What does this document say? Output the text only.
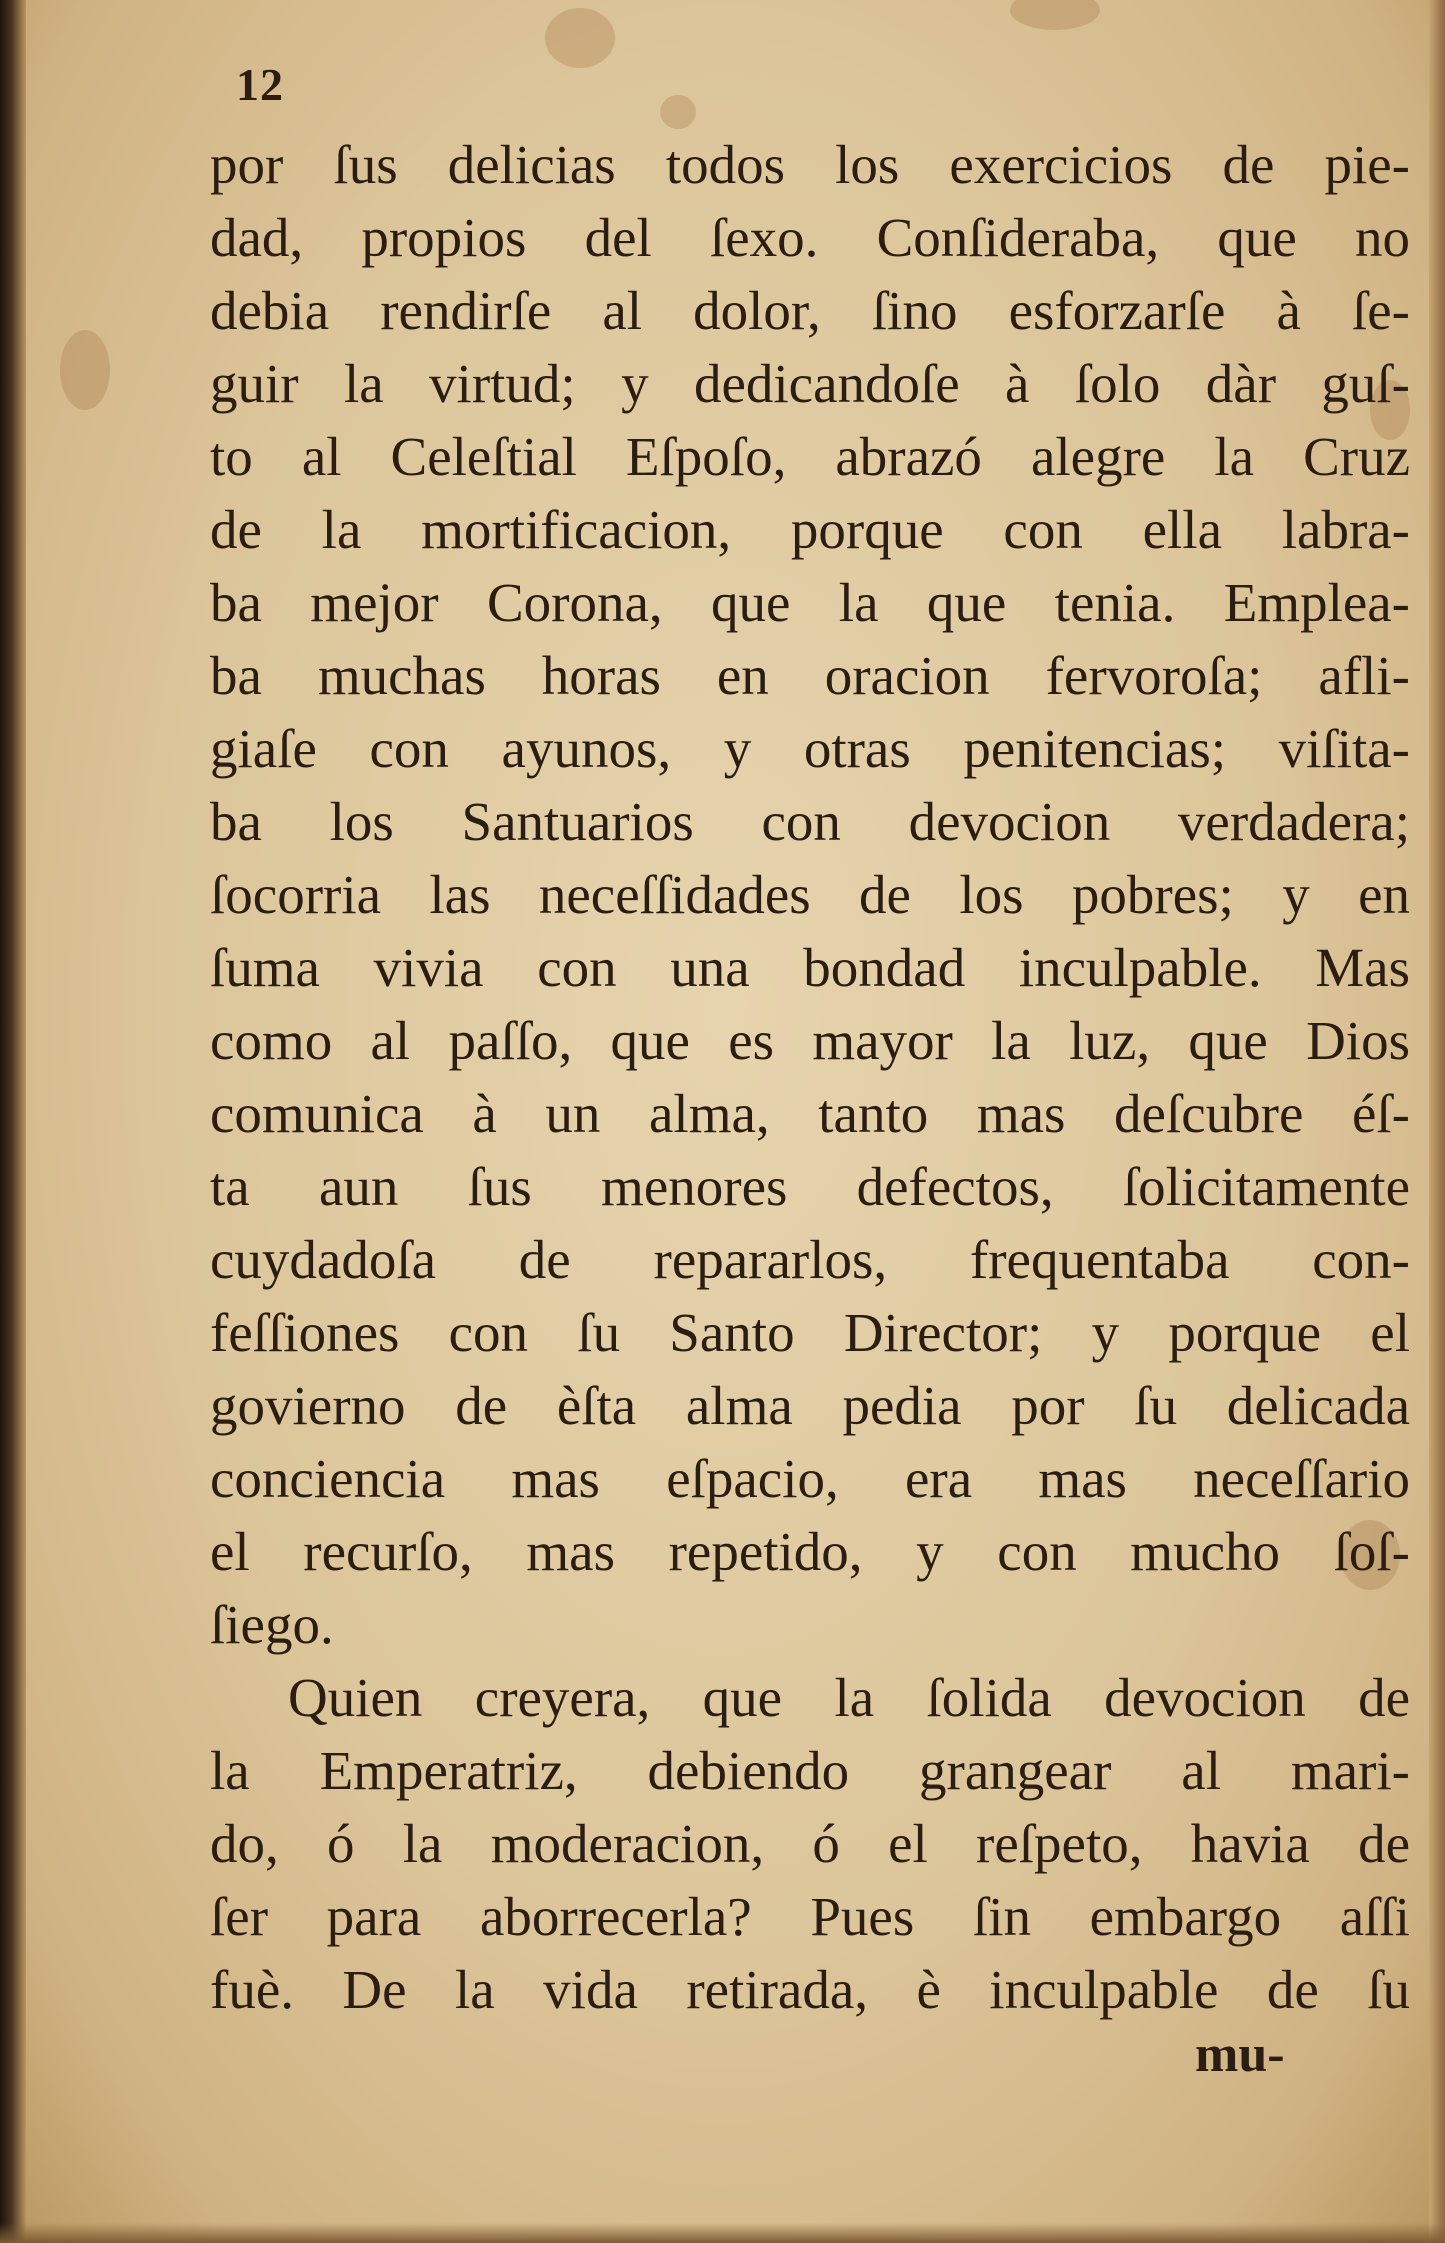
12
por ſus delicias todos los exercicios de pie-
dad, propios del ſexo. Conſideraba, que no
debia rendirſe al dolor, ſino esforzarſe à ſe-
guir la virtud; y dedicandoſe à ſolo dàr guſ-
to al Celeſtial Eſpoſo, abrazó alegre la Cruz
de la mortificacion, porque con ella labra-
ba mejor Corona, que la que tenia. Emplea-
ba muchas horas en oracion fervoroſa; afli-
giaſe con ayunos, y otras penitencias; viſita-
ba los Santuarios con devocion verdadera;
ſocorria las neceſſidades de los pobres; y en
ſuma vivia con una bondad inculpable. Mas
como al paſſo, que es mayor la luz, que Dios
comunica à un alma, tanto mas deſcubre éſ-
ta aun ſus menores defectos, ſolicitamente
cuydadoſa de repararlos, frequentaba con-
feſſiones con ſu Santo Director; y porque el
govierno de èſta alma pedia por ſu delicada
conciencia mas eſpacio, era mas neceſſario
el recurſo, mas repetido, y con mucho ſoſ-
ſiego.
Quien creyera, que la ſolida devocion de
la Emperatriz, debiendo grangear al mari-
do, ó la moderacion, ó el reſpeto, havia de
ſer para aborrecerla? Pues ſin embargo aſſi
fuè. De la vida retirada, è inculpable de ſu
mu-
